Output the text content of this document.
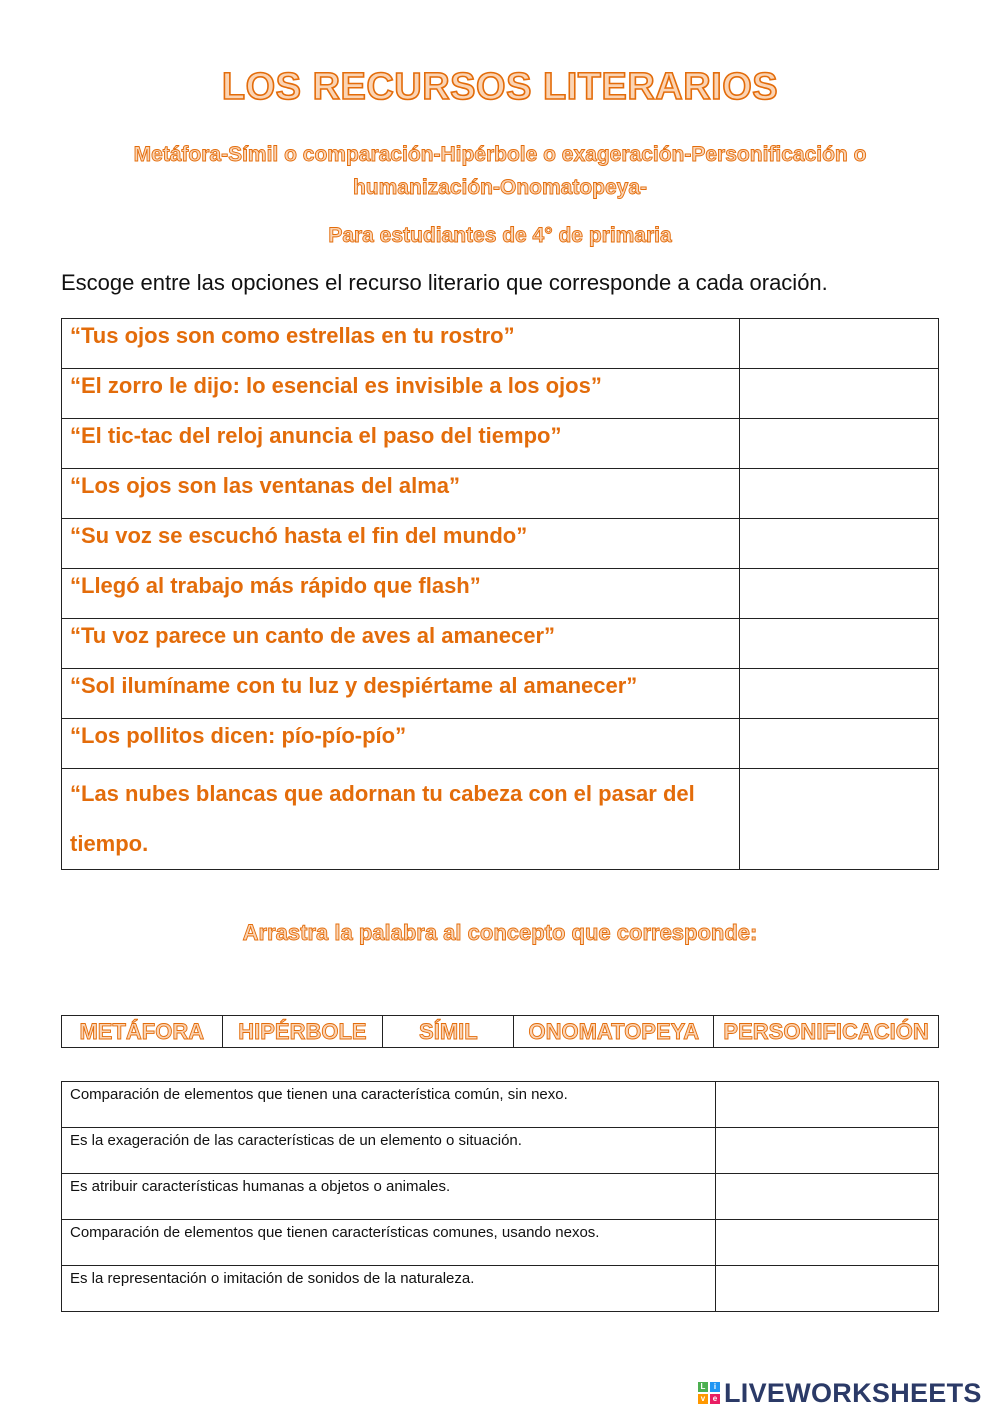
LOS RECURSOS LITERARIOS
Metáfora-Símil o comparación-Hipérbole o exageración-Personificación o humanización-Onomatopeya-
Para estudiantes de 4° de primaria
Escoge entre las opciones el recurso literario que corresponde a cada oración.
“Tus ojos son como estrellas en tu rostro”	
“El zorro le dijo: lo esencial es invisible a los ojos”	
“El tic-tac del reloj anuncia el paso del tiempo”	
“Los ojos son las ventanas del alma”	
“Su voz se escuchó hasta el fin del mundo”	
“Llegó al trabajo más rápido que flash”	
“Tu voz parece un canto de aves al amanecer”	
“Sol ilumíname con tu luz y despiértame al amanecer”	
“Los pollitos dicen: pío-pío-pío”	
“Las nubes blancas que adornan tu cabeza con el pasar del tiempo.	
Arrastra la palabra al concepto que corresponde:
METÁFORA	HIPÉRBOLE	SÍMIL	ONOMATOPEYA	PERSONIFICACIÓN
Comparación de elementos que tienen una característica común, sin nexo.	
Es la exageración de las características de un elemento o situación.	
Es atribuir características humanas a objetos o animales.	
Comparación de elementos que tienen características comunes, usando nexos.	
Es la representación o imitación de sonidos de la naturaleza.	
L	i
v e LIVEWORKSHEETS
